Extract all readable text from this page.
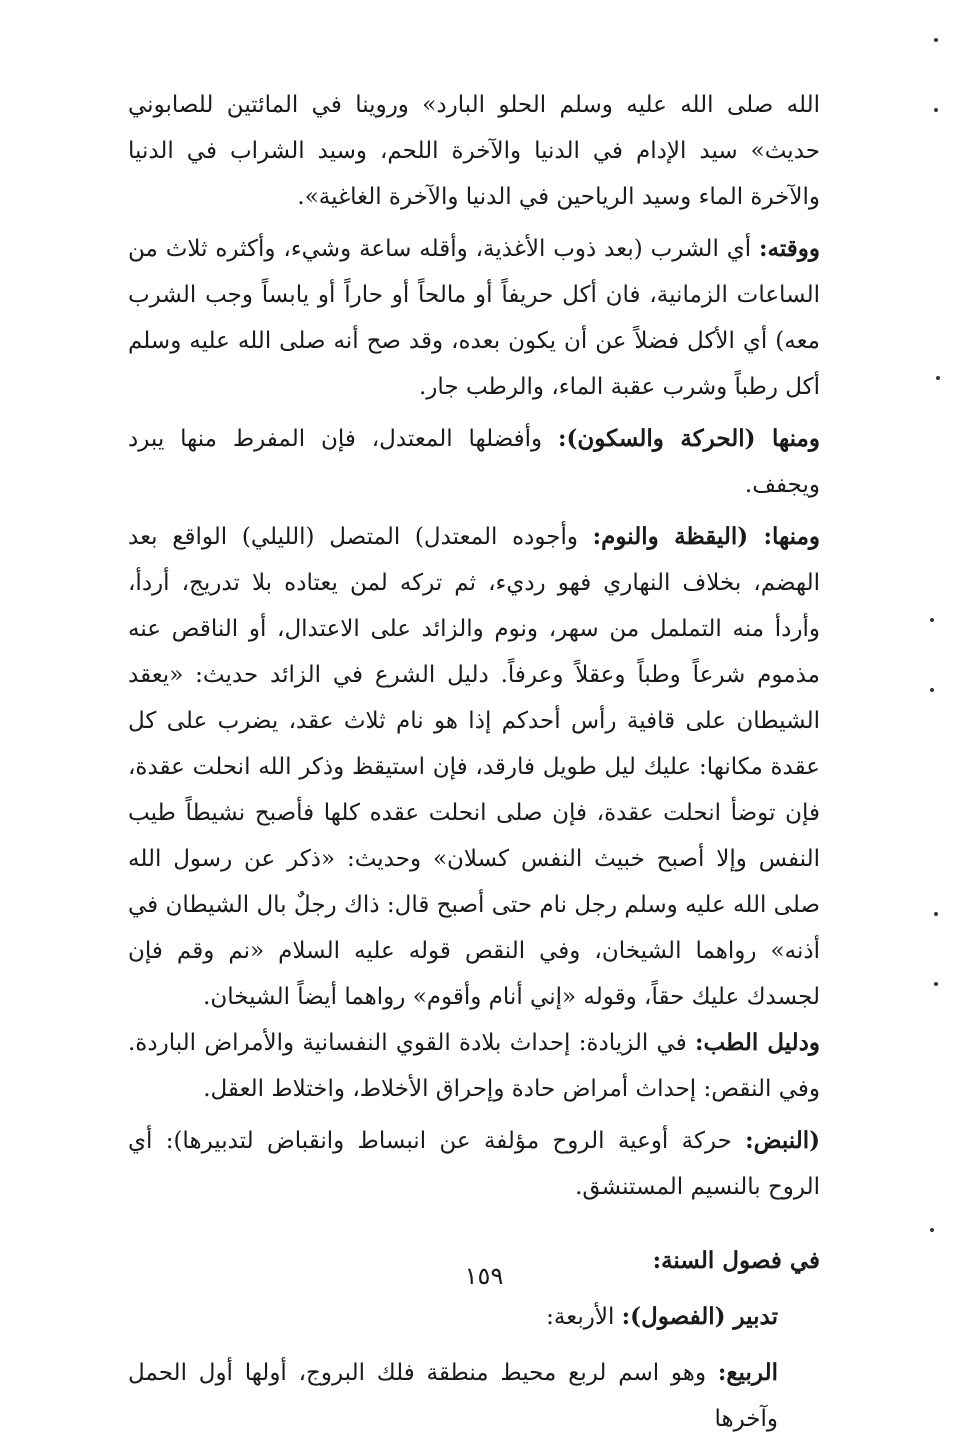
الله صلى الله عليه وسلم الحلو البارد» وروينا في المائتين للصابوني حديث» سيد الإدام في الدنيا والآخرة اللحم، وسيد الشراب في الدنيا والآخرة الماء وسيد الرياحين في الدنيا والآخرة الغاغية».

ووقته: أي الشرب (بعد ذوب الأغذية، وأقله ساعة وشيء، وأكثره ثلاث من الساعات الزمانية، فان أكل حريفاً أو مالحاً أو حاراً أو يابساً وجب الشرب معه) أي الأكل فضلاً عن أن يكون بعده، وقد صح أنه صلى الله عليه وسلم أكل رطباً وشرب عقبة الماء، والرطب جار.

ومنها (الحركة والسكون): وأفضلها المعتدل، فإن المفرط منها يبرد ويجفف.

ومنها: (اليقظة والنوم: وأجوده المعتدل) المتصل (الليلي) الواقع بعد الهضم، بخلاف النهاري فهو رديء، ثم تركه لمن يعتاده بلا تدريج، أردأ، وأردأ منه التململ من سهر، ونوم والزائد على الاعتدال، أو الناقص عنه مذموم شرعاً وطباً وعقلاً وعرفاً. دليل الشرع في الزائد حديث: «يعقد الشيطان على قافية رأس أحدكم إذا هو نام ثلاث عقد، يضرب على كل عقدة مكانها: عليك ليل طويل فارقد، فإن استيقظ وذكر الله انحلت عقدة، فإن توضأ انحلت عقدة، فإن صلى انحلت عقده كلها فأصبح نشيطاً طيب النفس وإلا أصبح خبيث النفس كسلان» وحديث: «ذكر عن رسول الله صلى الله عليه وسلم رجل نام حتى أصبح قال: ذاك رجلٌ بال الشيطان في أذنه» رواهما الشيخان، وفي النقص قوله عليه السلام «نم وقم فإن لجسدك عليك حقاً، وقوله «إني أنام وأقوم» رواهما أيضاً الشيخان.

ودليل الطب: في الزيادة: إحداث بلادة القوي النفسانية والأمراض الباردة. وفي النقص: إحداث أمراض حادة وإحراق الأخلاط، واختلاط العقل.

(النبض: حركة أوعية الروح مؤلفة عن انبساط وانقباض لتدبيرها): أي الروح بالنسيم المستنشق.

في فصول السنة:

تدبير (الفصول): الأربعة:

الربيع: وهو اسم لربع محيط منطقة فلك البروج، أولها أول الحمل وآخرها

١٥٩
